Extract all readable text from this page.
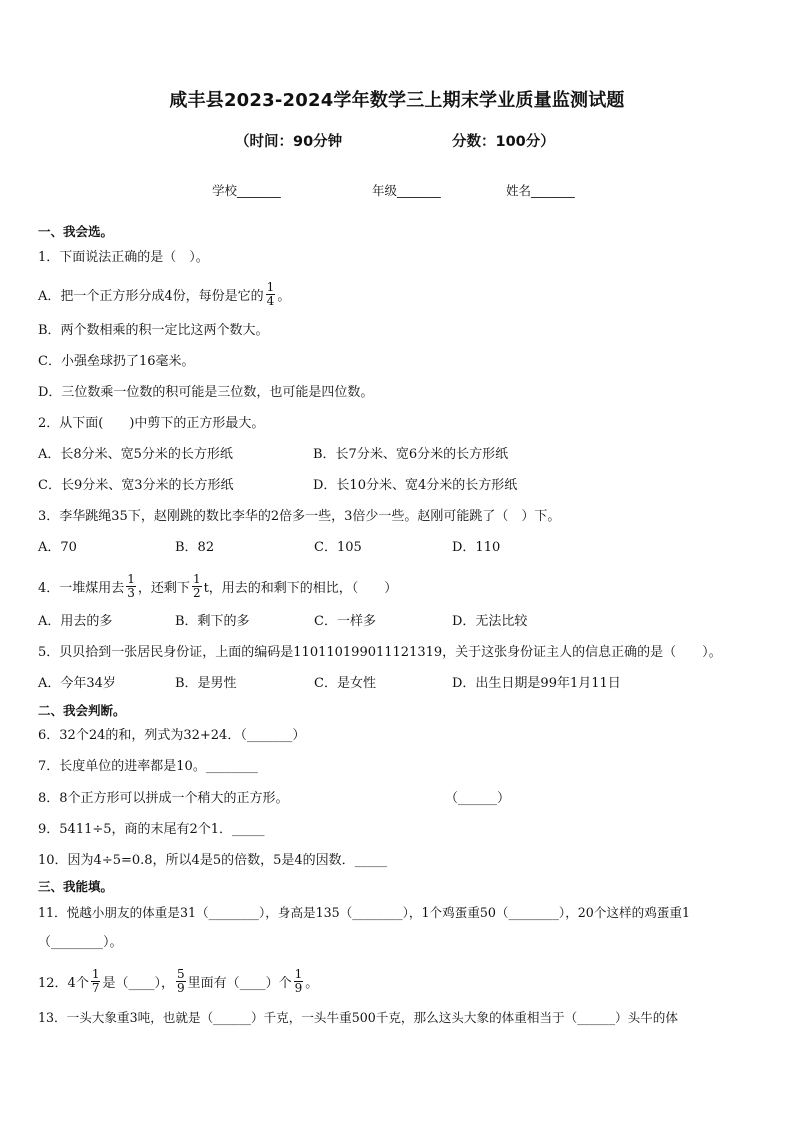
咸丰县2023-2024学年数学三上期末学业质量监测试题
（时间：90分钟	分数：100分）
学校_______	年级_______	姓名_______
一、我会选。
1．下面说法正确的是（　）。
A．把一个正方形分成4份，每份是它的 $\frac{1}{4}$ 。
B．两个数相乘的积一定比这两个数大。
C．小强垒球扔了16毫米。
D．三位数乘一位数的积可能是三位数，也可能是四位数。
2．从下面(　　)中剪下的正方形最大。
A．长8分米、宽5分米的长方形纸	B．长7分米、宽6分米的长方形纸
C．长9分米、宽3分米的长方形纸	D．长10分米、宽4分米的长方形纸
3．李华跳绳35下，赵刚跳的数比李华的2倍多一些，3倍少一些。赵刚可能跳了（　）下。
A．70	B．82	C．105	D．110
4．一堆煤用去 $\frac{1}{3}$ ，还剩下 $\frac{1}{2}$ t，用去的和剩下的相比，（　　）
A．用去的多	B．剩下的多	C．一样多	D．无法比较
5．贝贝拾到一张居民身份证，上面的编码是110110199011121319，关于这张身份证主人的信息正确的是（　　）。
A．今年34岁	B．是男性	C．是女性	D．出生日期是99年1月11日
二、我会判断。
6．32个24的和，列式为32+24．（_______）
7．长度单位的进率都是10。________
8．8个正方形可以拼成一个稍大的正方形。	（______）
9．5411÷5，商的末尾有2个1．_____
10．因为4÷5=0.8，所以4是5的倍数，5是4的因数．_____
三、我能填。
11．悦越小朋友的体重是31（________），身高是135（________），1个鸡蛋重50（________），20个这样的鸡蛋重1
（________）。
12．4个 $\frac{1}{7}$ 是（____）， $\frac{5}{9}$ 里面有（____）个 $\frac{1}{9}$ 。
13．一头大象重3吨，也就是（______）千克，一头牛重500千克，那么这头大象的体重相当于（______）头牛的体
